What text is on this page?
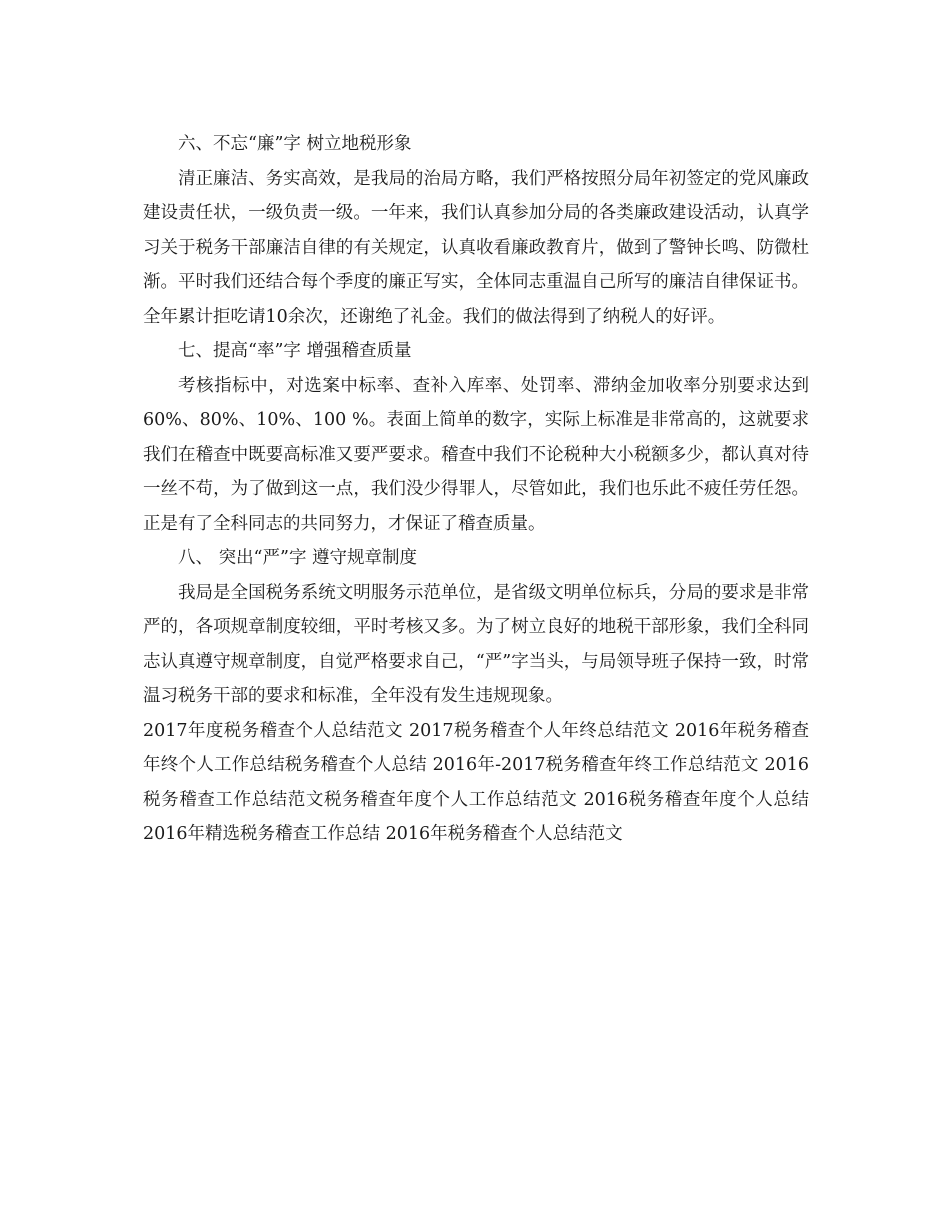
六、不忘“廉”字 树立地税形象

清正廉洁、务实高效，是我局的治局方略，我们严格按照分局年初签定的党风廉政建设责任状，一级负责一级。一年来，我们认真参加分局的各类廉政建设活动，认真学习关于税务干部廉洁自律的有关规定，认真收看廉政教育片，做到了警钟长鸣、防微杜渐。平时我们还结合每个季度的廉正写实，全体同志重温自己所写的廉洁自律保证书。全年累计拒吃请10余次，还谢绝了礼金。我们的做法得到了纳税人的好评。

七、提高“率”字 增强稽查质量

考核指标中，对选案中标率、查补入库率、处罚率、滞纳金加收率分别要求达到60%、80%、10%、100 %。表面上简单的数字，实际上标准是非常高的，这就要求我们在稽查中既要高标准又要严要求。稽查中我们不论税种大小税额多少，都认真对待一丝不苟，为了做到这一点，我们没少得罪人，尽管如此，我们也乐此不疲任劳任怨。正是有了全科同志的共同努力，才保证了稽查质量。

八、 突出“严”字 遵守规章制度

我局是全国税务系统文明服务示范单位，是省级文明单位标兵，分局的要求是非常严的，各项规章制度较细，平时考核又多。为了树立良好的地税干部形象，我们全科同志认真遵守规章制度，自觉严格要求自己，“严”字当头，与局领导班子保持一致，时常温习税务干部的要求和标准，全年没有发生违规现象。

2017年度税务稽查个人总结范文 2017税务稽查个人年终总结范文 2016年税务稽查年终个人工作总结税务稽查个人总结 2016年-2017税务稽查年终工作总结范文 2016税务稽查工作总结范文税务稽查年度个人工作总结范文 2016税务稽查年度个人总结 2016年精选税务稽查工作总结 2016年税务稽查个人总结范文
